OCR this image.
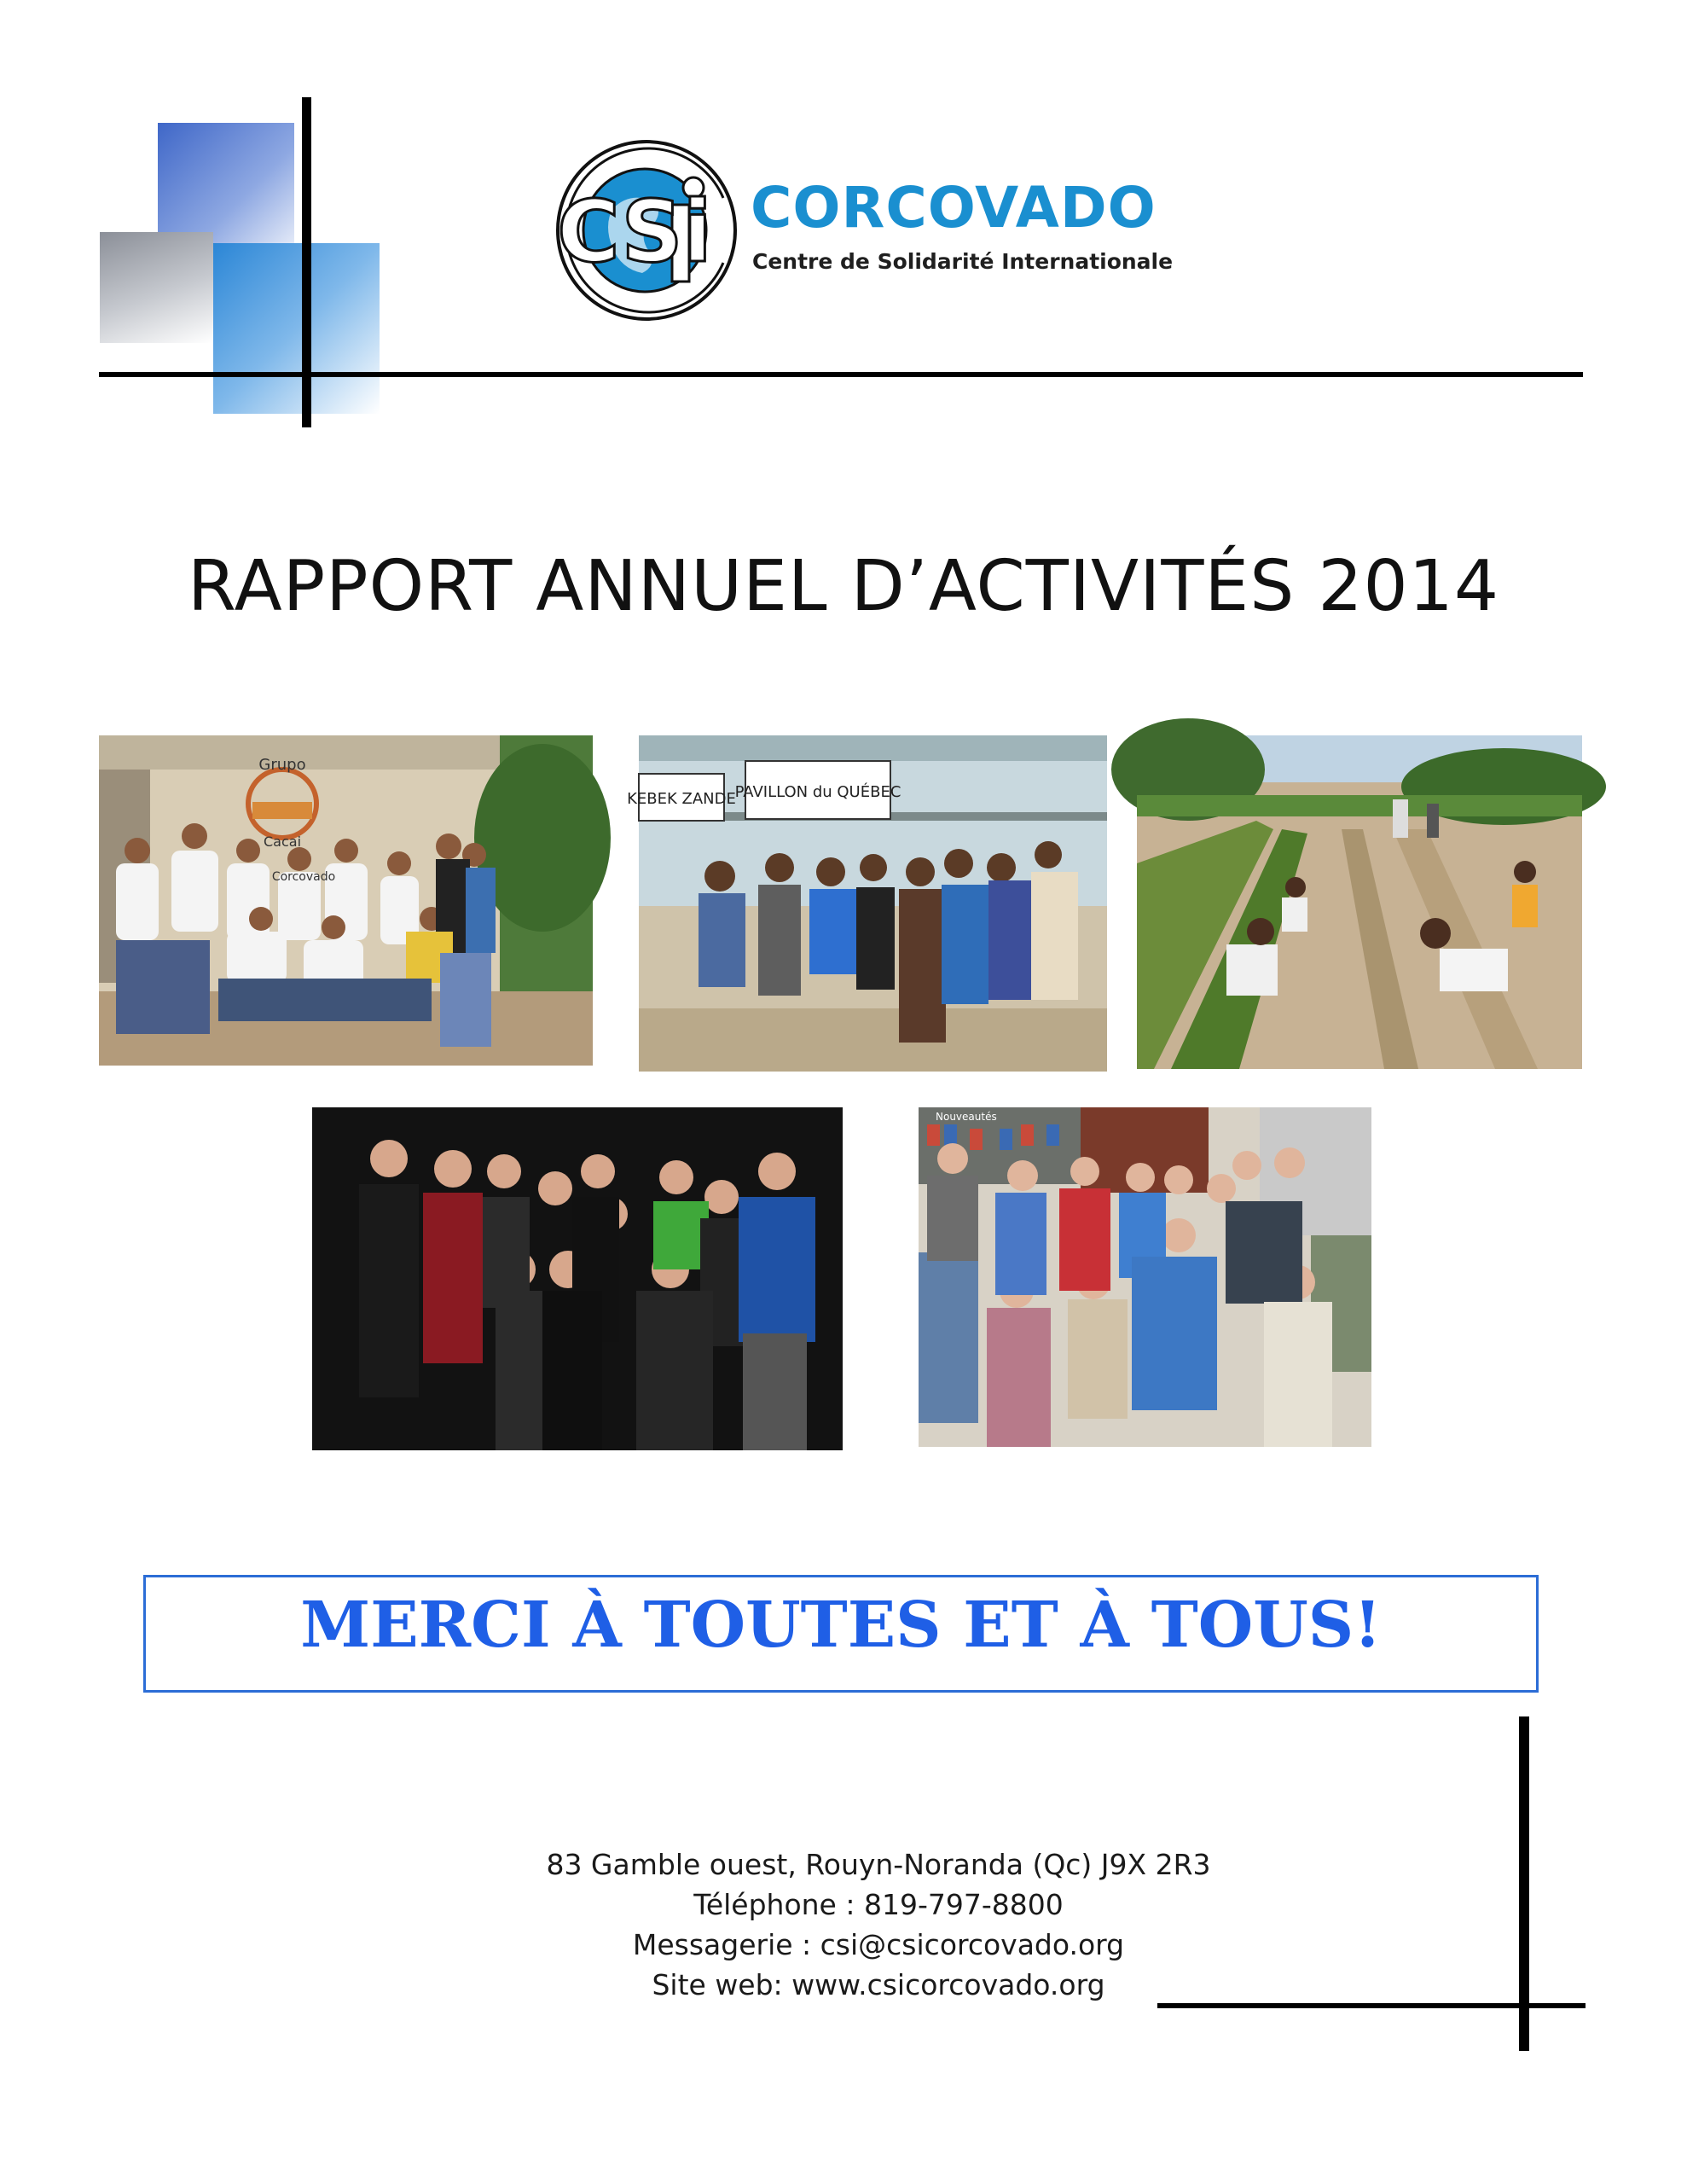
CSi CORCOVADO
Centre de Solidarité Internationale
RAPPORT ANNUEL D’ACTIVITÉS 2014
Grupo
Cacai
Corcovado
KEBEK ZANDE
PAVILLON du QUÉBEC
Nouveautés
MERCI À TOUTES ET À TOUS!
83 Gamble ouest, Rouyn-Noranda (Qc) J9X 2R3
Téléphone : 819-797-8800
Messagerie : csi@csicorcovado.org
Site web: www.csicorcovado.org
